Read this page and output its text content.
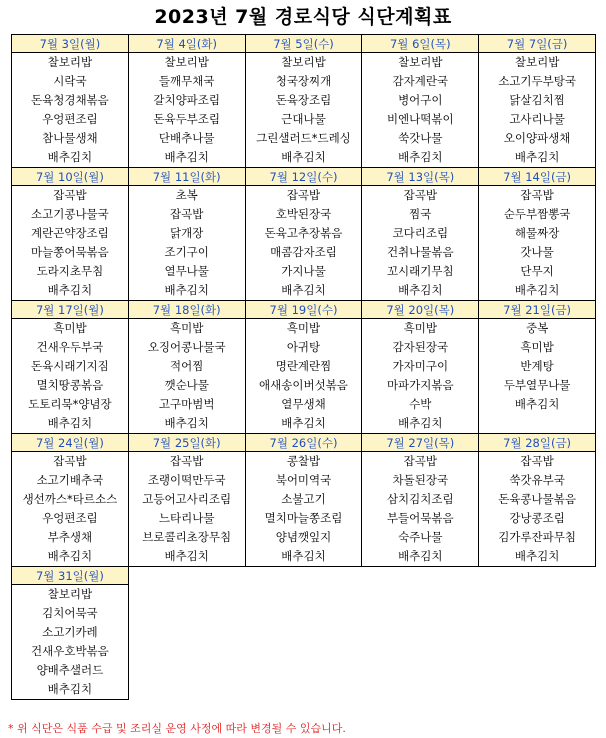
2023년 7월 경로식당 식단계획표
7월 3일(월)	7월 4일(화)	7월 5일(수)	7월 6일(목)	7월 7일(금)
찰보리밥	찰보리밥	찰보리밥	찰보리밥	찰보리밥
시락국	들깨무채국	청국장찌개	감자계란국	소고기두부탕국
돈육청경채볶음	갈치양파조림	돈육장조림	병어구이	닭살김치찜
우엉편조림	돈육두부조림	근대나물	비엔나떡볶이	고사리나물
참나물생채	단배추나물	그린샐러드*드레싱	쑥갓나물	오이양파생채
배추김치	배추김치	배추김치	배추김치	배추김치
7월 10일(월)	7월 11일(화)	7월 12일(수)	7월 13일(목)	7월 14일(금)
잡곡밥	초복	잡곡밥	잡곡밥	잡곡밥
소고기콩나물국	잡곡밥	호박된장국	찜국	순두부짬뽕국
계란곤약장조림	닭개장	돈육고추장볶음	코다리조림	해물짜장
마늘쫑어묵볶음	조기구이	매콤감자조림	건취나물볶음	갓나물
도라지초무침	열무나물	가지나물	꼬시래기무침	단무지
배추김치	배추김치	배추김치	배추김치	배추김치
7월 17일(월)	7월 18일(화)	7월 19일(수)	7월 20일(목)	7월 21일(금)
흑미밥	흑미밥	흑미밥	흑미밥	중복
건새우두부국	오징어콩나물국	아귀탕	감자된장국	흑미밥
돈육시래기지짐	적어찜	명란계란찜	가자미구이	반계탕
멸치땅콩볶음	깻순나물	애새송이버섯볶음	마파가지볶음	두부열무나물
도토리묵*양념장	고구마범벅	열무생채	수박	배추김치
배추김치	배추김치	배추김치	배추김치	
7월 24일(월)	7월 25일(화)	7월 26일(수)	7월 27일(목)	7월 28일(금)
잡곡밥	잡곡밥	콩찰밥	잡곡밥	잡곡밥
소고기배추국	조랭이떡만두국	북어미역국	차돌된장국	쑥갓유부국
생선까스*타르소스	고등어고사리조림	소불고기	삼치김치조림	돈육콩나물볶음
우엉편조림	느타리나물	멸치마늘쫑조림	부들어묵볶음	강낭콩조림
부추생채	브로콜리초장무침	양념깻잎지	숙주나물	김가루잔파무침
배추김치	배추김치	배추김치	배추김치	배추김치
7월 31일(월)				
찰보리밥				
김치어묵국				
소고기카레				
건새우호박볶음				
양배추샐러드				
배추김치				
* 위 식단은 식품 수급 및 조리실 운영 사정에 따라 변경될 수 있습니다.
